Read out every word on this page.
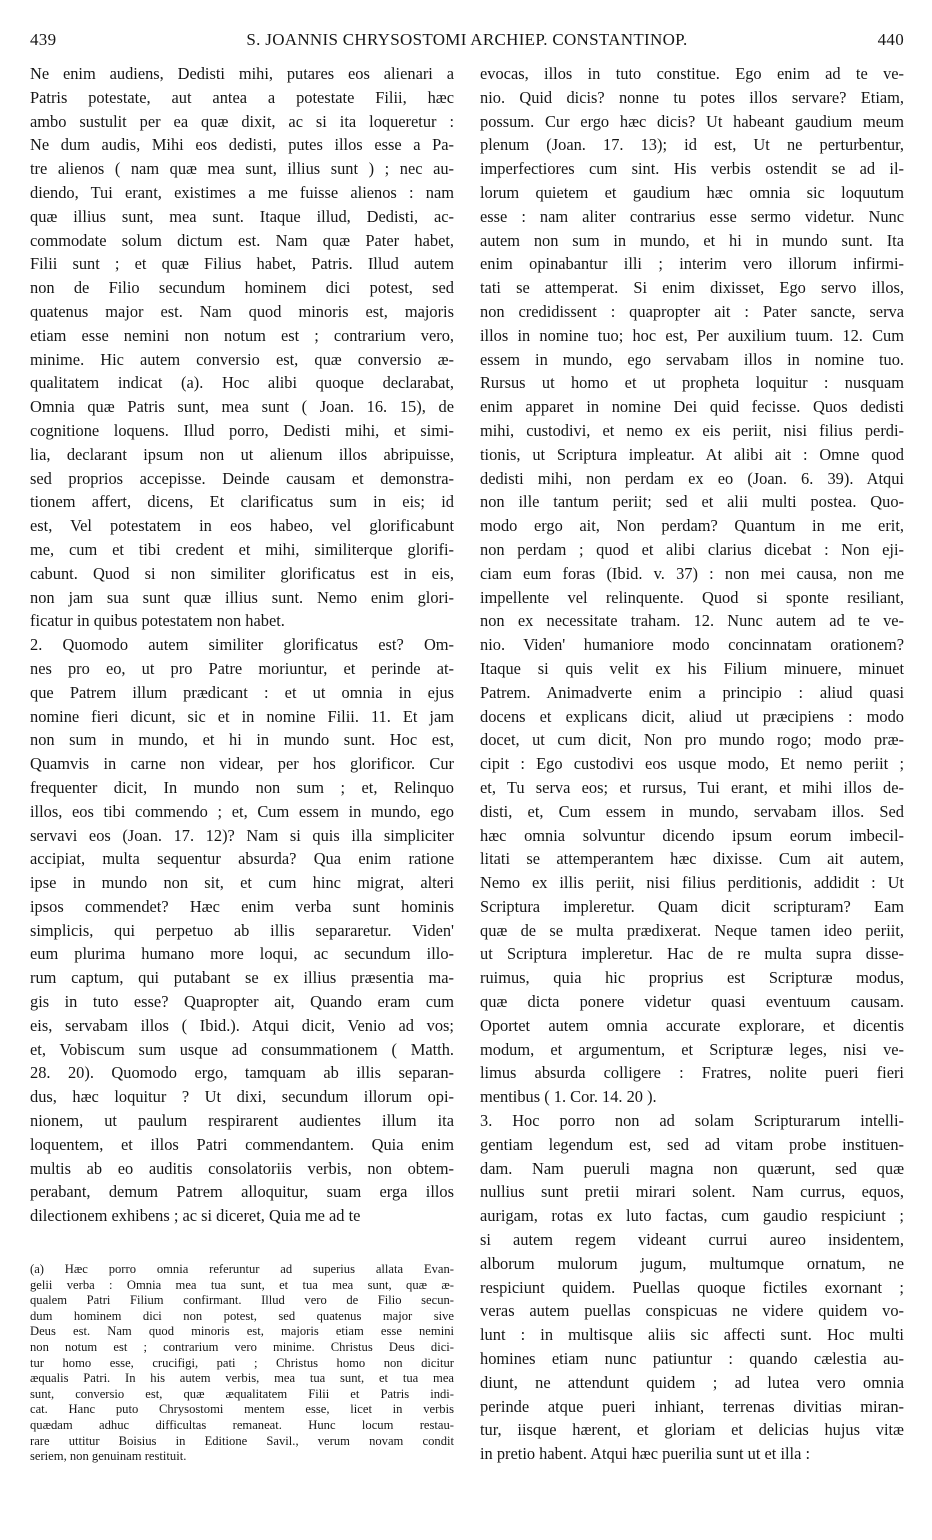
439	S. JOANNIS CHRYSOSTOMI ARCHIEP. CONSTANTINOP.	440
Ne enim audiens, Dedisti mihi, putares eos alienari a
Patris potestate, aut antea a potestate Filii, hæc
ambo sustulit per ea quæ dixit, ac si ita loqueretur :
Ne dum audis, Mihi eos dedisti, putes illos esse a Pa-
tre alienos ( nam quæ mea sunt, illius sunt ) ; nec au-
diendo, Tui erant, existimes a me fuisse alienos : nam
quæ illius sunt, mea sunt. Itaque illud, Dedisti, ac-
commodate solum dictum est. Nam quæ Pater habet,
Filii sunt ; et quæ Filius habet, Patris. Illud autem
non de Filio secundum hominem dici potest, sed
quatenus major est. Nam quod minoris est, majoris
etiam esse nemini non notum est ; contrarium vero,
minime. Hic autem conversio est, quæ conversio æ-
qualitatem indicat (a). Hoc alibi quoque declarabat,
Omnia quæ Patris sunt, mea sunt ( Joan. 16. 15), de
cognitione loquens. Illud porro, Dedisti mihi, et simi-
lia, declarant ipsum non ut alienum illos abripuisse,
sed proprios accepisse. Deinde causam et demonstra-
tionem affert, dicens, Et clarificatus sum in eis; id
est, Vel potestatem in eos habeo, vel glorificabunt
me, cum et tibi credent et mihi, similiterque glorifi-
cabunt. Quod si non similiter glorificatus est in eis,
non jam sua sunt quæ illius sunt. Nemo enim glori-
ficatur in quibus potestatem non habet.
2. Quomodo autem similiter glorificatus est? Om-
nes pro eo, ut pro Patre moriuntur, et perinde at-
que Patrem illum prædicant : et ut omnia in ejus
nomine fieri dicunt, sic et in nomine Filii. 11. Et jam
non sum in mundo, et hi in mundo sunt. Hoc est,
Quamvis in carne non videar, per hos glorificor. Cur
frequenter dicit, In mundo non sum ; et, Relinquo
illos, eos tibi commendo ; et, Cum essem in mundo, ego
servavi eos (Joan. 17. 12)? Nam si quis illa simpliciter
accipiat, multa sequentur absurda? Qua enim ratione
ipse in mundo non sit, et cum hinc migrat, alteri
ipsos commendet? Hæc enim verba sunt hominis
simplicis, qui perpetuo ab illis separaretur. Viden'
eum plurima humano more loqui, ac secundum illo-
rum captum, qui putabant se ex illius præsentia ma-
gis in tuto esse? Quapropter ait, Quando eram cum
eis, servabam illos ( Ibid.). Atqui dicit, Venio ad vos;
et, Vobiscum sum usque ad consummationem ( Matth.
28. 20). Quomodo ergo, tamquam ab illis separan-
dus, hæc loquitur ? Ut dixi, secundum illorum opi-
nionem, ut paulum respirarent audientes illum ita
loquentem, et illos Patri commendantem. Quia enim
multis ab eo auditis consolatoriis verbis, non obtem-
perabant, demum Patrem alloquitur, suam erga illos
dilectionem exhibens ; ac si diceret, Quia me ad te
(a) Hæc porro omnia referuntur ad superius allata Evan-
gelii verba : Omnia mea tua sunt, et tua mea sunt, quæ æ-
qualem Patri Filium confirmant. Illud vero de Filio secun-
dum hominem dici non potest, sed quatenus major sive
Deus est. Nam quod minoris est, majoris etiam esse nemini
non notum est ; contrarium vero minime. Christus Deus dici-
tur homo esse, crucifigi, pati ; Christus homo non dicitur
æqualis Patri. In his autem verbis, mea tua sunt, et tua mea
sunt, conversio est, quæ æqualitatem Filii et Patris indi-
cat. Hanc puto Chrysostomi mentem esse, licet in verbis
quædam adhuc difficultas remaneat. Hunc locum restau-
rare uttitur Boisius in Editione Savil., verum novam condit
seriem, non genuinam restituit.
evocas, illos in tuto constitue. Ego enim ad te ve-
nio. Quid dicis? nonne tu potes illos servare? Etiam,
possum. Cur ergo hæc dicis? Ut habeant gaudium meum
plenum (Joan. 17. 13); id est, Ut ne perturbentur,
imperfectiores cum sint. His verbis ostendit se ad il-
lorum quietem et gaudium hæc omnia sic loquutum
esse : nam aliter contrarius esse sermo videtur. Nunc
autem non sum in mundo, et hi in mundo sunt. Ita
enim opinabantur illi ; interim vero illorum infirmi-
tati se attemperat. Si enim dixisset, Ego servo illos,
non credidissent : quapropter ait : Pater sancte, serva
illos in nomine tuo; hoc est, Per auxilium tuum. 12. Cum
essem in mundo, ego servabam illos in nomine tuo.
Rursus ut homo et ut propheta loquitur : nusquam
enim apparet in nomine Dei quid fecisse. Quos dedisti
mihi, custodivi, et nemo ex eis periit, nisi filius perdi-
tionis, ut Scriptura impleatur. At alibi ait : Omne quod
dedisti mihi, non perdam ex eo (Joan. 6. 39). Atqui
non ille tantum periit; sed et alii multi postea. Quo-
modo ergo ait, Non perdam? Quantum in me erit,
non perdam ; quod et alibi clarius dicebat : Non eji-
ciam eum foras (Ibid. v. 37) : non mei causa, non me
impellente vel relinquente. Quod si sponte resiliant,
non ex necessitate traham. 12. Nunc autem ad te ve-
nio. Viden' humaniore modo concinnatam orationem?
Itaque si quis velit ex his Filium minuere, minuet
Patrem. Animadverte enim a principio : aliud quasi
docens et explicans dicit, aliud ut præcipiens : modo
docet, ut cum dicit, Non pro mundo rogo; modo præ-
cipit : Ego custodivi eos usque modo, Et nemo periit ;
et, Tu serva eos; et rursus, Tui erant, et mihi illos de-
disti, et, Cum essem in mundo, servabam illos. Sed
hæc omnia solvuntur dicendo ipsum eorum imbecil-
litati se attemperantem hæc dixisse. Cum ait autem,
Nemo ex illis periit, nisi filius perditionis, addidit : Ut
Scriptura impleretur. Quam dicit scripturam? Eam
quæ de se multa prædixerat. Neque tamen ideo periit,
ut Scriptura impleretur. Hac de re multa supra disse-
ruimus, quia hic proprius est Scripturæ modus,
quæ dicta ponere videtur quasi eventuum causam.
Oportet autem omnia accurate explorare, et dicentis
modum, et argumentum, et Scripturæ leges, nisi ve-
limus absurda colligere : Fratres, nolite pueri fieri
mentibus ( 1. Cor. 14. 20 ).
3. Hoc porro non ad solam Scripturarum intelli-
gentiam legendum est, sed ad vitam probe instituen-
dam. Nam pueruli magna non quærunt, sed quæ
nullius sunt pretii mirari solent. Nam currus, equos,
aurigam, rotas ex luto factas, cum gaudio respiciunt ;
si autem regem videant currui aureo insidentem,
alborum mulorum jugum, multumque ornatum, ne
respiciunt quidem. Puellas quoque fictiles exornant ;
veras autem puellas conspicuas ne videre quidem vo-
lunt : in multisque aliis sic affecti sunt. Hoc multi
homines etiam nunc patiuntur : quando cælestia au-
diunt, ne attendunt quidem ; ad lutea vero omnia
perinde atque pueri inhiant, terrenas divitias miran-
tur, iisque hærent, et gloriam et delicias hujus vitæ
in pretio habent. Atqui hæc puerilia sunt ut et illa :
